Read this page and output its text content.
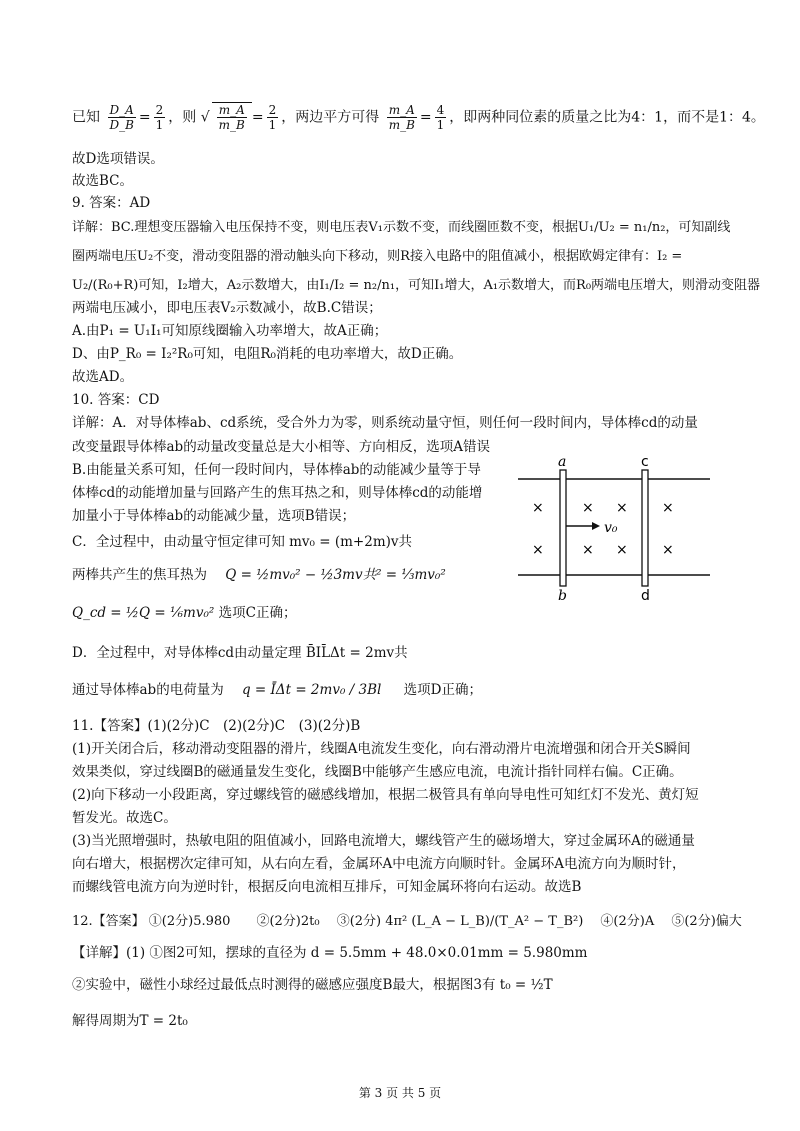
已知 $\frac{D\_A}{D\_B} = \frac{2}{1}$ ，则 √ $\frac{m\_A}{m\_B} = \frac{2}{1}$ ，两边平方可得 $\frac{m\_A}{m\_B} = \frac{4}{1}$ ，即两种同位素的质量之比为4：1，而不是1：4。
故D选项错误。
故选BC。
9. 答案：AD
详解：BC.理想变压器输入电压保持不变，则电压表V₁示数不变，而线圈匝数不变，根据U₁/U₂ = n₁/n₂，可知副线
圈两端电压U₂不变，滑动变阻器的滑动触头向下移动，则R接入电路中的阻值减小，根据欧姆定律有：I₂ =
U₂/(R₀+R)可知，I₂增大，A₂示数增大，由I₁/I₂ = n₂/n₁，可知I₁增大，A₁示数增大，而R₀两端电压增大，则滑动变阻器
两端电压减小，即电压表V₂示数减小，故B.C错误；
A.由P₁ = U₁I₁可知原线圈输入功率增大，故A正确；
D、由P_R₀ = I₂²R₀可知，电阻R₀消耗的电功率增大，故D正确。
故选AD。
10. 答案：CD
详解：A．对导体棒ab、cd系统，受合外力为零，则系统动量守恒，则任何一段时间内，导体棒cd的动量
改变量跟导体棒ab的动量改变量总是大小相等、方向相反，选项A错误
B.由能量关系可知，任何一段时间内，导体棒ab的动能减少量等于导
体棒cd的动能增加量与回路产生的焦耳热之和，则导体棒cd的动能增
加量小于导体棒ab的动能减少量，选项B错误；
C．全过程中，由动量守恒定律可知 mv₀ = (m+2m)v共
两棒共产生的焦耳热为 Q = ½mv₀² − ½3mv共² = ⅓mv₀²
Q_cd = ½Q = ⅙mv₀² 选项C正确；
D．全过程中，对导体棒cd由动量定理 B̄IL̄Δt = 2mv共
通过导体棒ab的电荷量为 q = ĪΔt = 2mv₀ / 3Bl 选项D正确；
11.【答案】(1)(2分)C　(2)(2分)C　(3)(2分)B
(1)开关闭合后，移动滑动变阻器的滑片，线圈A电流发生变化，向右滑动滑片电流增强和闭合开关S瞬间
效果类似，穿过线圈B的磁通量发生变化，线圈B中能够产生感应电流，电流计指针同样右偏。C正确。
(2)向下移动一小段距离，穿过螺线管的磁感线增加，根据二极管具有单向导电性可知红灯不发光、黄灯短
暂发光。故选C。
(3)当光照增强时，热敏电阻的阻值减小，回路电流增大，螺线管产生的磁场增大，穿过金属环A的磁通量
向右增大，根据楞次定律可知，从右向左看，金属环A中电流方向顺时针。金属环A电流方向为顺时针，
而螺线管电流方向为逆时针，根据反向电流相互排斥，可知金属环将向右运动。故选B
12.【答案】 ①(2分)5.980　　②(2分)2t₀　 ③(2分) 4π² (L_A − L_B)/(T_A² − T_B²)　 ④(2分)A　 ⑤(2分)偏大
【详解】(1) ①图2可知，摆球的直径为 d = 5.5mm + 48.0×0.01mm = 5.980mm
②实验中，磁性小球经过最低点时测得的磁感应强度B最大，根据图3有 t₀ = ½T
解得周期为T = 2t₀
a
b
c
d
×	× × ×
×	× × ×
v₀
第 3 页 共 5 页
